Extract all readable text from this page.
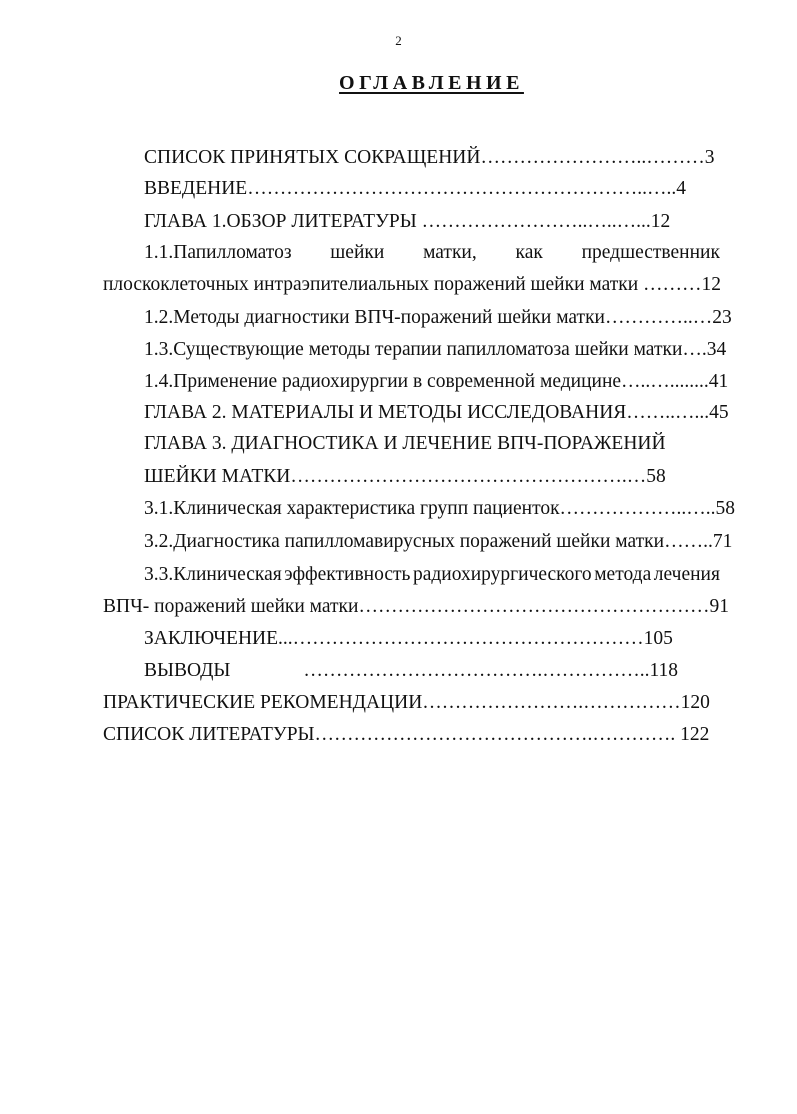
2
ОГЛАВЛЕНИЕ
СПИСОК ПРИНЯТЫХ СОКРАЩЕНИЙ……………………..………3
ВВЕДЕНИЕ……………………………………………………..…..4
ГЛАВА 1.ОБЗОР ЛИТЕРАТУРЫ ……………………..…..…...12
1.1.Папилломатоз шейки матки, как предшественник
плоскоклеточных интраэпителиальных поражений шейки матки ………12
1.2.Методы диагностики ВПЧ-поражений шейки матки…………..…23
1.3.Существующие методы терапии папилломатоза шейки матки….34
1.4.Применение радиохирургии в современной медицине…..…........41
ГЛАВА 2. МАТЕРИАЛЫ И МЕТОДЫ ИССЛЕДОВАНИЯ……..…...45
ГЛАВА 3. ДИАГНОСТИКА И ЛЕЧЕНИЕ ВПЧ-ПОРАЖЕНИЙ
ШЕЙКИ МАТКИ…………………………………………….…58
3.1.Клиническая характеристика групп пациенток………………..…..58
3.2.Диагностика папилломавирусных поражений шейки матки……..71
3.3.Клиническая эффективность радиохирургического метода лечения
ВПЧ- поражений шейки матки………………………………………………91
ЗАКЛЮЧЕНИЕ...………………………………………………105
ВЫВОДЫ	……………………………….……………..118
ПРАКТИЧЕСКИЕ РЕКОМЕНДАЦИИ…………………….……………120
СПИСОК ЛИТЕРАТУРЫ…………………………………….…………. 122
